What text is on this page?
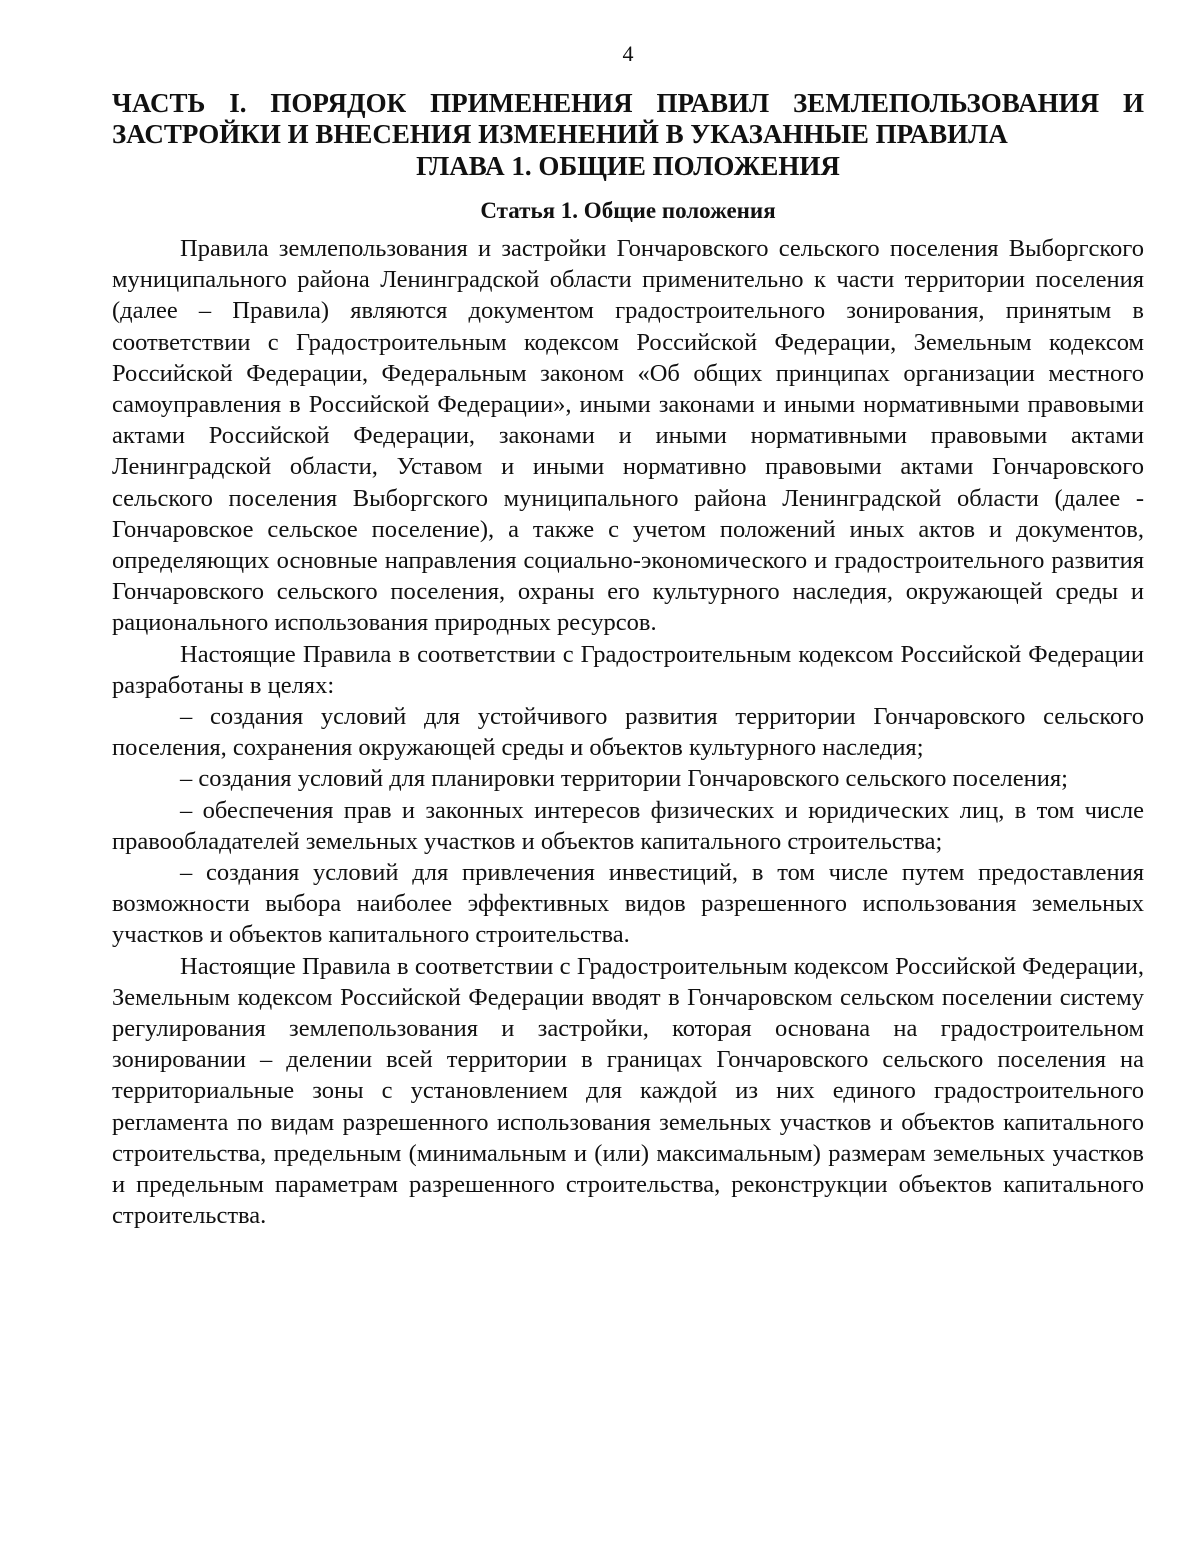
4
ЧАСТЬ I. ПОРЯДОК ПРИМЕНЕНИЯ ПРАВИЛ ЗЕМЛЕПОЛЬЗОВАНИЯ И ЗАСТРОЙКИ И ВНЕСЕНИЯ ИЗМЕНЕНИЙ В УКАЗАННЫЕ ПРАВИЛА
ГЛАВА 1. ОБЩИЕ ПОЛОЖЕНИЯ
Статья 1. Общие положения

Правила землепользования и застройки Гончаровского сельского поселения Выборгского муниципального района Ленинградской области применительно к части территории поселения (далее – Правила) являются документом градостроительного зонирования, принятым в соответствии с Градостроительным кодексом Российской Федерации, Земельным кодексом Российской Федерации, Федеральным законом «Об общих принципах организации местного самоуправления в Российской Федерации», иными законами и иными нормативными правовыми актами Российской Федерации, законами и иными нормативными правовыми актами Ленинградской области, Уставом и иными нормативно правовыми актами Гончаровского сельского поселения Выборгского муниципального района Ленинградской области (далее - Гончаровское сельское поселение), а также с учетом положений иных актов и документов, определяющих основные направления социально-экономического и градостроительного развития Гончаровского сельского поселения, охраны его культурного наследия, окружающей среды и рационального использования природных ресурсов.

Настоящие Правила в соответствии с Градостроительным кодексом Российской Федерации разработаны в целях:

– создания условий для устойчивого развития территории Гончаровского сельского поселения, сохранения окружающей среды и объектов культурного наследия;

– создания условий для планировки территории Гончаровского сельского поселения;

– обеспечения прав и законных интересов физических и юридических лиц, в том числе правообладателей земельных участков и объектов капитального строительства;

– создания условий для привлечения инвестиций, в том числе путем предоставления возможности выбора наиболее эффективных видов разрешенного использования земельных участков и объектов капитального строительства.

Настоящие Правила в соответствии с Градостроительным кодексом Российской Федерации, Земельным кодексом Российской Федерации вводят в Гончаровском сельском поселении систему регулирования землепользования и застройки, которая основана на градостроительном зонировании – делении всей территории в границах Гончаровского сельского поселения на территориальные зоны с установлением для каждой из них единого градостроительного регламента по видам разрешенного использования земельных участков и объектов капитального строительства, предельным (минимальным и (или) максимальным) размерам земельных участков и предельным параметрам разрешенного строительства, реконструкции объектов капитального строительства.
